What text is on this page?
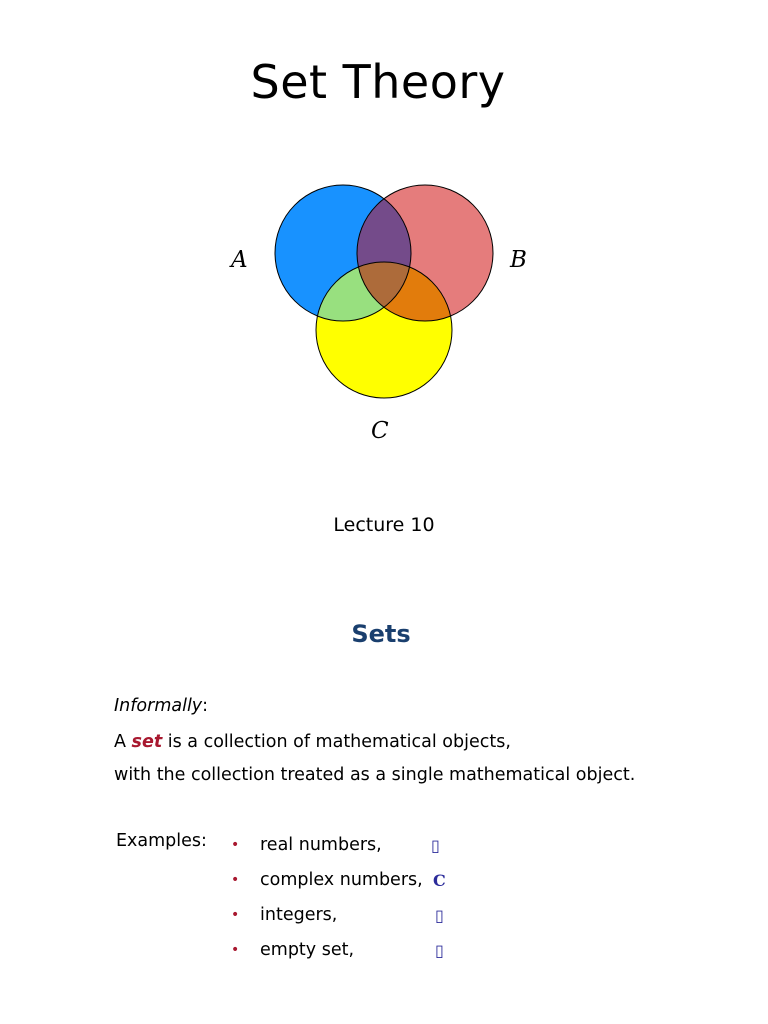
Set Theory
A	B
C
Lecture 10
Sets
Informally:
A set is a collection of mathematical objects,
with the collection treated as a single mathematical object.
Examples: • real numbers,	▯
• complex numbers, C
• integers,	▯
• empty set,	▯
